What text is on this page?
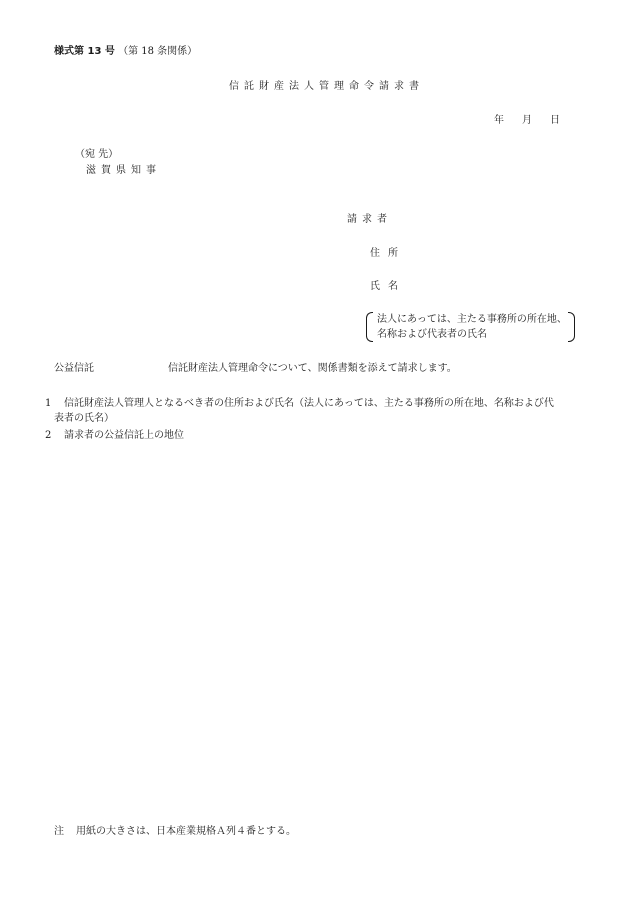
様式第 13 号 （第 18 条関係）
信託財産法人管理命令請求書
年 月 日
（宛 先）
滋賀県知事
請求者
住所
氏名
法人にあっては、主たる事務所の所在地、
名称および代表者の氏名
公益信託	信託財産法人管理命令について、関係書類を添えて請求します。
1 信託財産法人管理人となるべき者の住所および氏名（法人にあっては、主たる事務所の所在地、名称および代
表者の氏名）
2 請求者の公益信託上の地位
注 用紙の大きさは、日本産業規格Ａ列４番とする。
